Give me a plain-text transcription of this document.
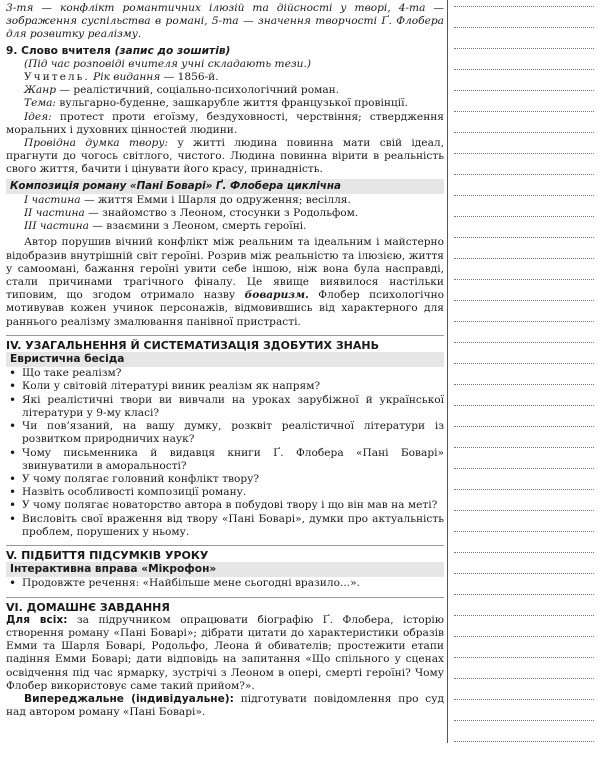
3-тя — конфлікт романтичних ілюзій та дійсності у творі, 4-та — зображення суспільства в романі, 5-та — значення творчості Ґ. Флобера для розвитку реалізму.

9. Слово вчителя (запис до зошитів)

(Під час розповіді вчителя учні складають тези.)

Учитель. Рік видання — 1856-й.

Жанр — реалістичний, соціально-психологічний роман.

Тема: вульгарно-буденне, зашкарубле життя французької провінції.

Ідея: протест проти егоїзму, бездуховності, черствіння; ствердження моральних і духовних цінностей людини.

Провідна думка твору: у житті людина повинна мати свій ідеал, прагнути до чогось світлого, чистого. Людина повинна вірити в реальність свого життя, бачити і цінувати його красу, принадність.

Композиція роману «Пані Боварі» Ґ. Флобера циклічна

I частина — життя Емми і Шарля до одруження; весілля.

II частина — знайомство з Леоном, стосунки з Родольфом.

III частина — взаємини з Леоном, смерть героїні.

Автор порушив вічний конфлікт між реальним та ідеальним і майстерно відобразив внутрішній світ героїні. Розрив між реальністю та ілюзією, життя у самоомані, бажання героїні увити себе іншою, ніж вона була насправді, стали причинами трагічного фіналу. Це явище виявилося настільки типовим, що згодом отримало назву боваризм. Флобер психологічно мотивував кожен учинок персонажів, відмовившись від характерного для раннього реалізму змалювання панівної пристрасті.

IV. УЗАГАЛЬНЕННЯ Й СИСТЕМАТИЗАЦІЯ ЗДОБУТИХ ЗНАНЬ
Евристична бесіда

• Що таке реалізм?

• Коли у світовій літературі виник реалізм як напрям?

• Які реалістичні твори ви вивчали на уроках зарубіжної й української літератури у 9-му класі?

• Чи пов’язаний, на вашу думку, розквіт реалістичної літератури із розвитком природничих наук?

• Чому письменника й видавця книги Ґ. Флобера «Пані Боварі» звинуватили в аморальності?

• У чому полягає головний конфлікт твору?

• Назвіть особливості композиції роману.

• У чому полягає новаторство автора в побудові твору і що він мав на меті?

• Висловіть свої враження від твору «Пані Боварі», думки про актуальність проблем, порушених у ньому.

V. ПІДБИТТЯ ПІДСУМКІВ УРОКУ
Інтерактивна вправа «Мікрофон»

• Продовжте речення: «Найбільше мене сьогодні вразило...».

VI. ДОМАШНЄ ЗАВДАННЯ

Для всіх: за підручником опрацювати біографію Ґ. Флобера, історію створення роману «Пані Боварі»; дібрати цитати до характеристики образів Емми та Шарля Боварі, Родольфо, Леона й обивателів; простежити етапи падіння Емми Боварі; дати відповідь на запитання «Що спільного у сценах освідчення під час ярмарку, зустрічі з Леоном в опері, смерті героїні? Чому Флобер використовує саме такий прийом?».

Випереджальне (індивідуальне): підготувати повідомлення про суд над автором роману «Пані Боварі».
